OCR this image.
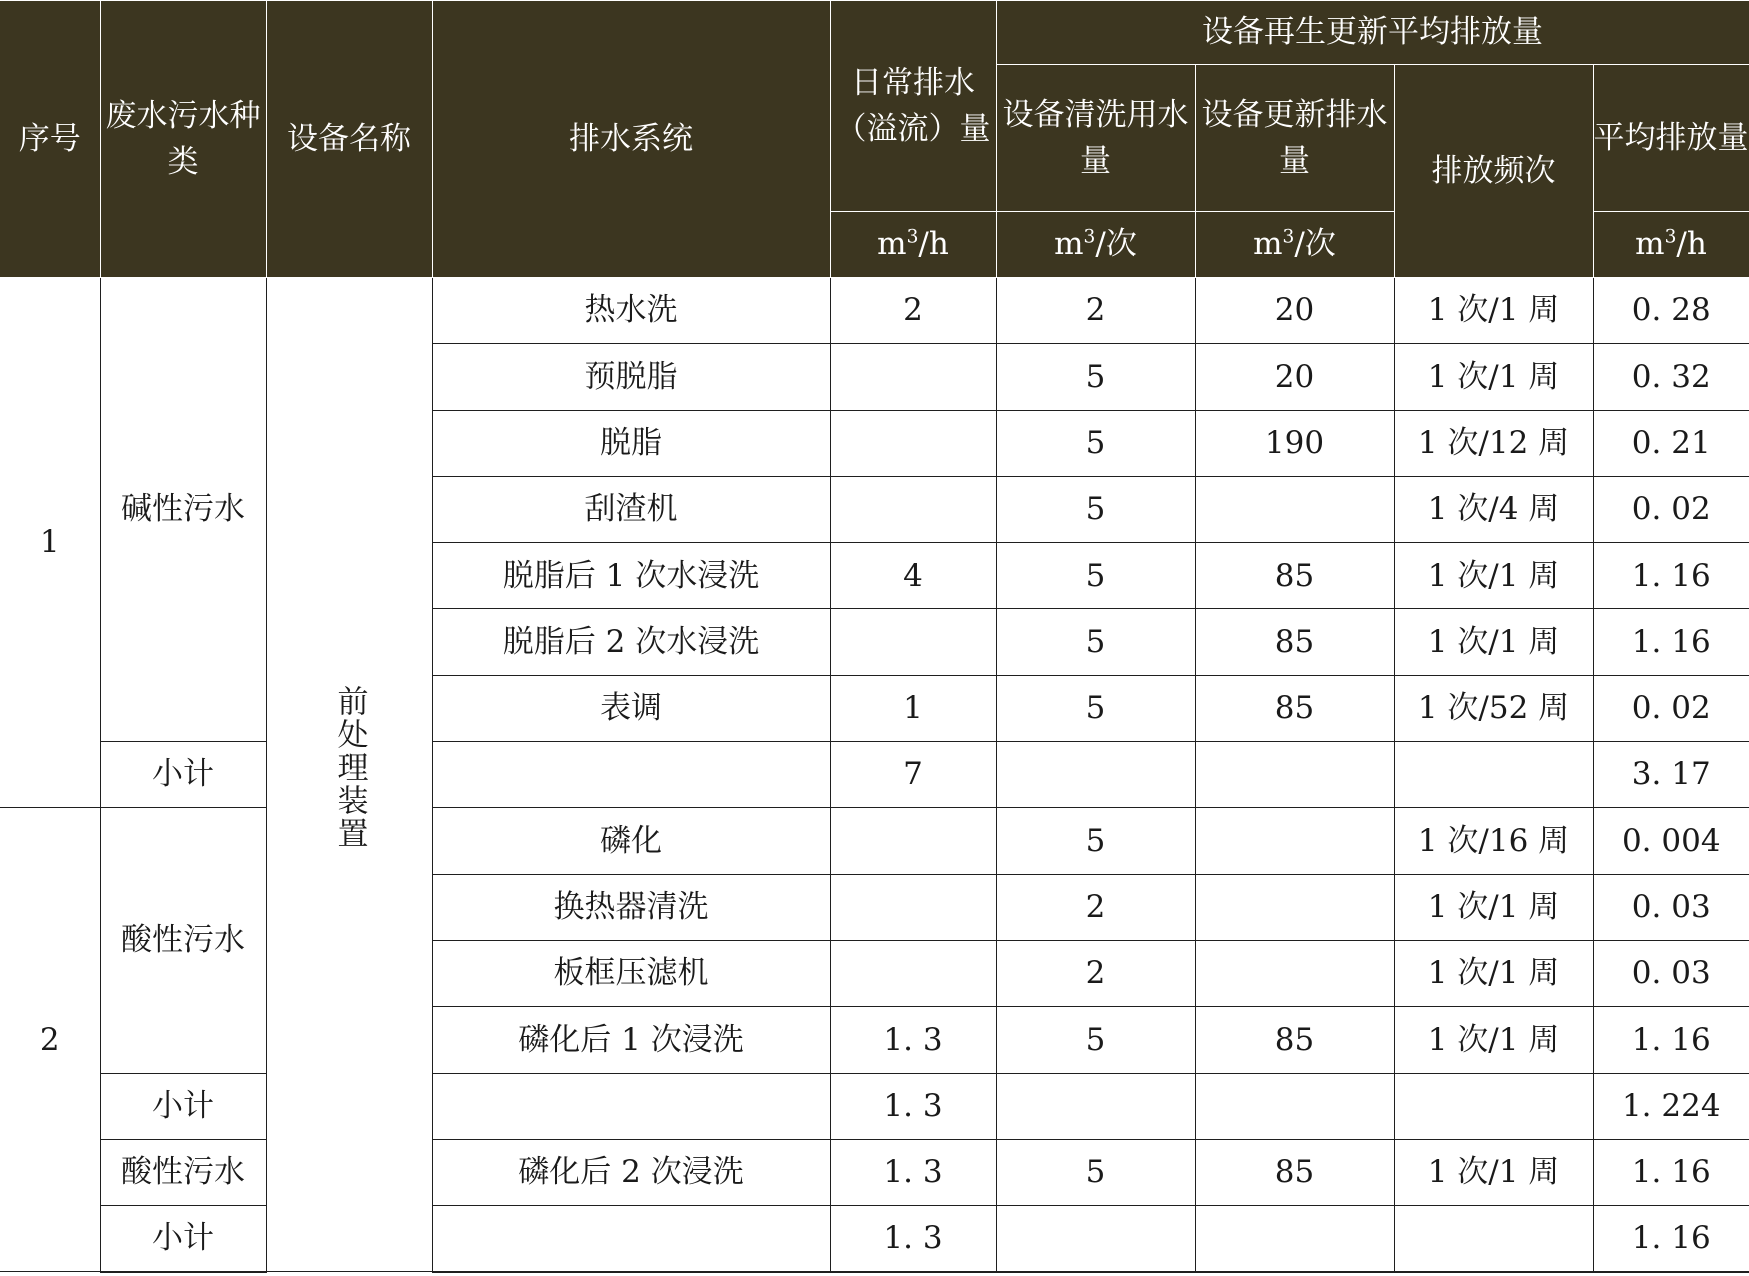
序号	废水污水种类	设备名称	排水系统	日常排水（溢流）量	设备再生更新平均排放量			
					设备清洗用水量	设备更新排水量	排放频次	平均排放量
				$m^3/h$	$m^3/$次	$m^3/$次		$m^3/h$
1	碱性污水	前处理装置	热水洗	2	2	20	1 次/1 周	0. 28
			预脱脂		5	20	1 次/1 周	0. 32
			脱脂		5	190	1 次/12 周	0. 21
			刮渣机		5		1 次/4 周	0. 02
			脱脂后 1 次水浸洗	4	5	85	1 次/1 周	1. 16
			脱脂后 2 次水浸洗		5	85	1 次/1 周	1. 16
			表调	1	5	85	1 次/52 周	0. 02
	小计			7				3. 17
2	酸性污水		磷化		5		1 次/16 周	0. 004
			换热器清洗		2		1 次/1 周	0. 03
			板框压滤机		2		1 次/1 周	0. 03
			磷化后 1 次浸洗	1. 3	5	85	1 次/1 周	1. 16
	小计			1. 3				1. 224
	酸性污水		磷化后 2 次浸洗	1. 3	5	85	1 次/1 周	1. 16
	小计			1. 3				1. 16
